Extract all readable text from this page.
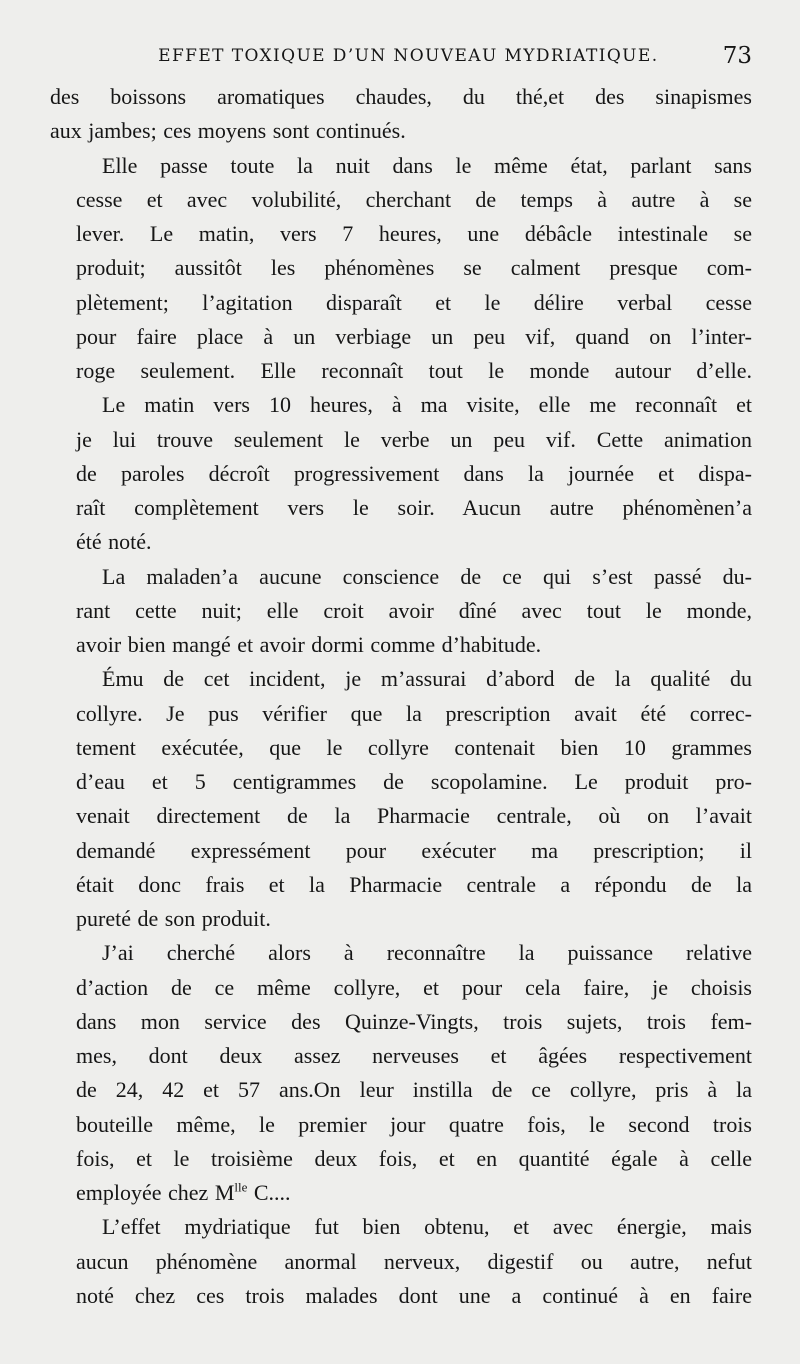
EFFET TOXIQUE D’UN NOUVEAU MYDRIATIQUE.	73

des boissons aromatiques chaudes, du thé,et des sinapismes
aux jambes; ces moyens sont continués.

Elle passe toute la nuit dans le même état, parlant sans
cesse et avec volubilité, cherchant de temps à autre à se
lever. Le matin, vers 7 heures, une débâcle intestinale se
produit; aussitôt les phénomènes se calment presque com-
plètement; l’agitation disparaît et le délire verbal cesse
pour faire place à un verbiage un peu vif, quand on l’inter-
roge seulement. Elle reconnaît tout le monde autour d’elle.

Le matin vers 10 heures, à ma visite, elle me reconnaît et
je lui trouve seulement le verbe un peu vif. Cette animation
de paroles décroît progressivement dans la journée et dispa-
raît complètement vers le soir. Aucun autre phénomènen’a
été noté.

La maladen’a aucune conscience de ce qui s’est passé du-
rant cette nuit; elle croit avoir dîné avec tout le monde,
avoir bien mangé et avoir dormi comme d’habitude.

Ému de cet incident, je m’assurai d’abord de la qualité du
collyre. Je pus vérifier que la prescription avait été correc-
tement exécutée, que le collyre contenait bien 10 grammes
d’eau et 5 centigrammes de scopolamine. Le produit pro-
venait directement de la Pharmacie centrale, où on l’avait
demandé expressément pour exécuter ma prescription; il
était donc frais et la Pharmacie centrale a répondu de la
pureté de son produit.

J’ai cherché alors à reconnaître la puissance relative
d’action de ce même collyre, et pour cela faire, je choisis
dans mon service des Quinze-Vingts, trois sujets, trois fem-
mes, dont deux assez nerveuses et âgées respectivement
de 24, 42 et 57 ans.On leur instilla de ce collyre, pris à la
bouteille même, le premier jour quatre fois, le second trois
fois, et le troisième deux fois, et en quantité égale à celle
employée chez $M^{lle}$ C....

L’effet mydriatique fut bien obtenu, et avec énergie, mais
aucun phénomène anormal nerveux, digestif ou autre, nefut
noté chez ces trois malades dont une a continué à en faire
